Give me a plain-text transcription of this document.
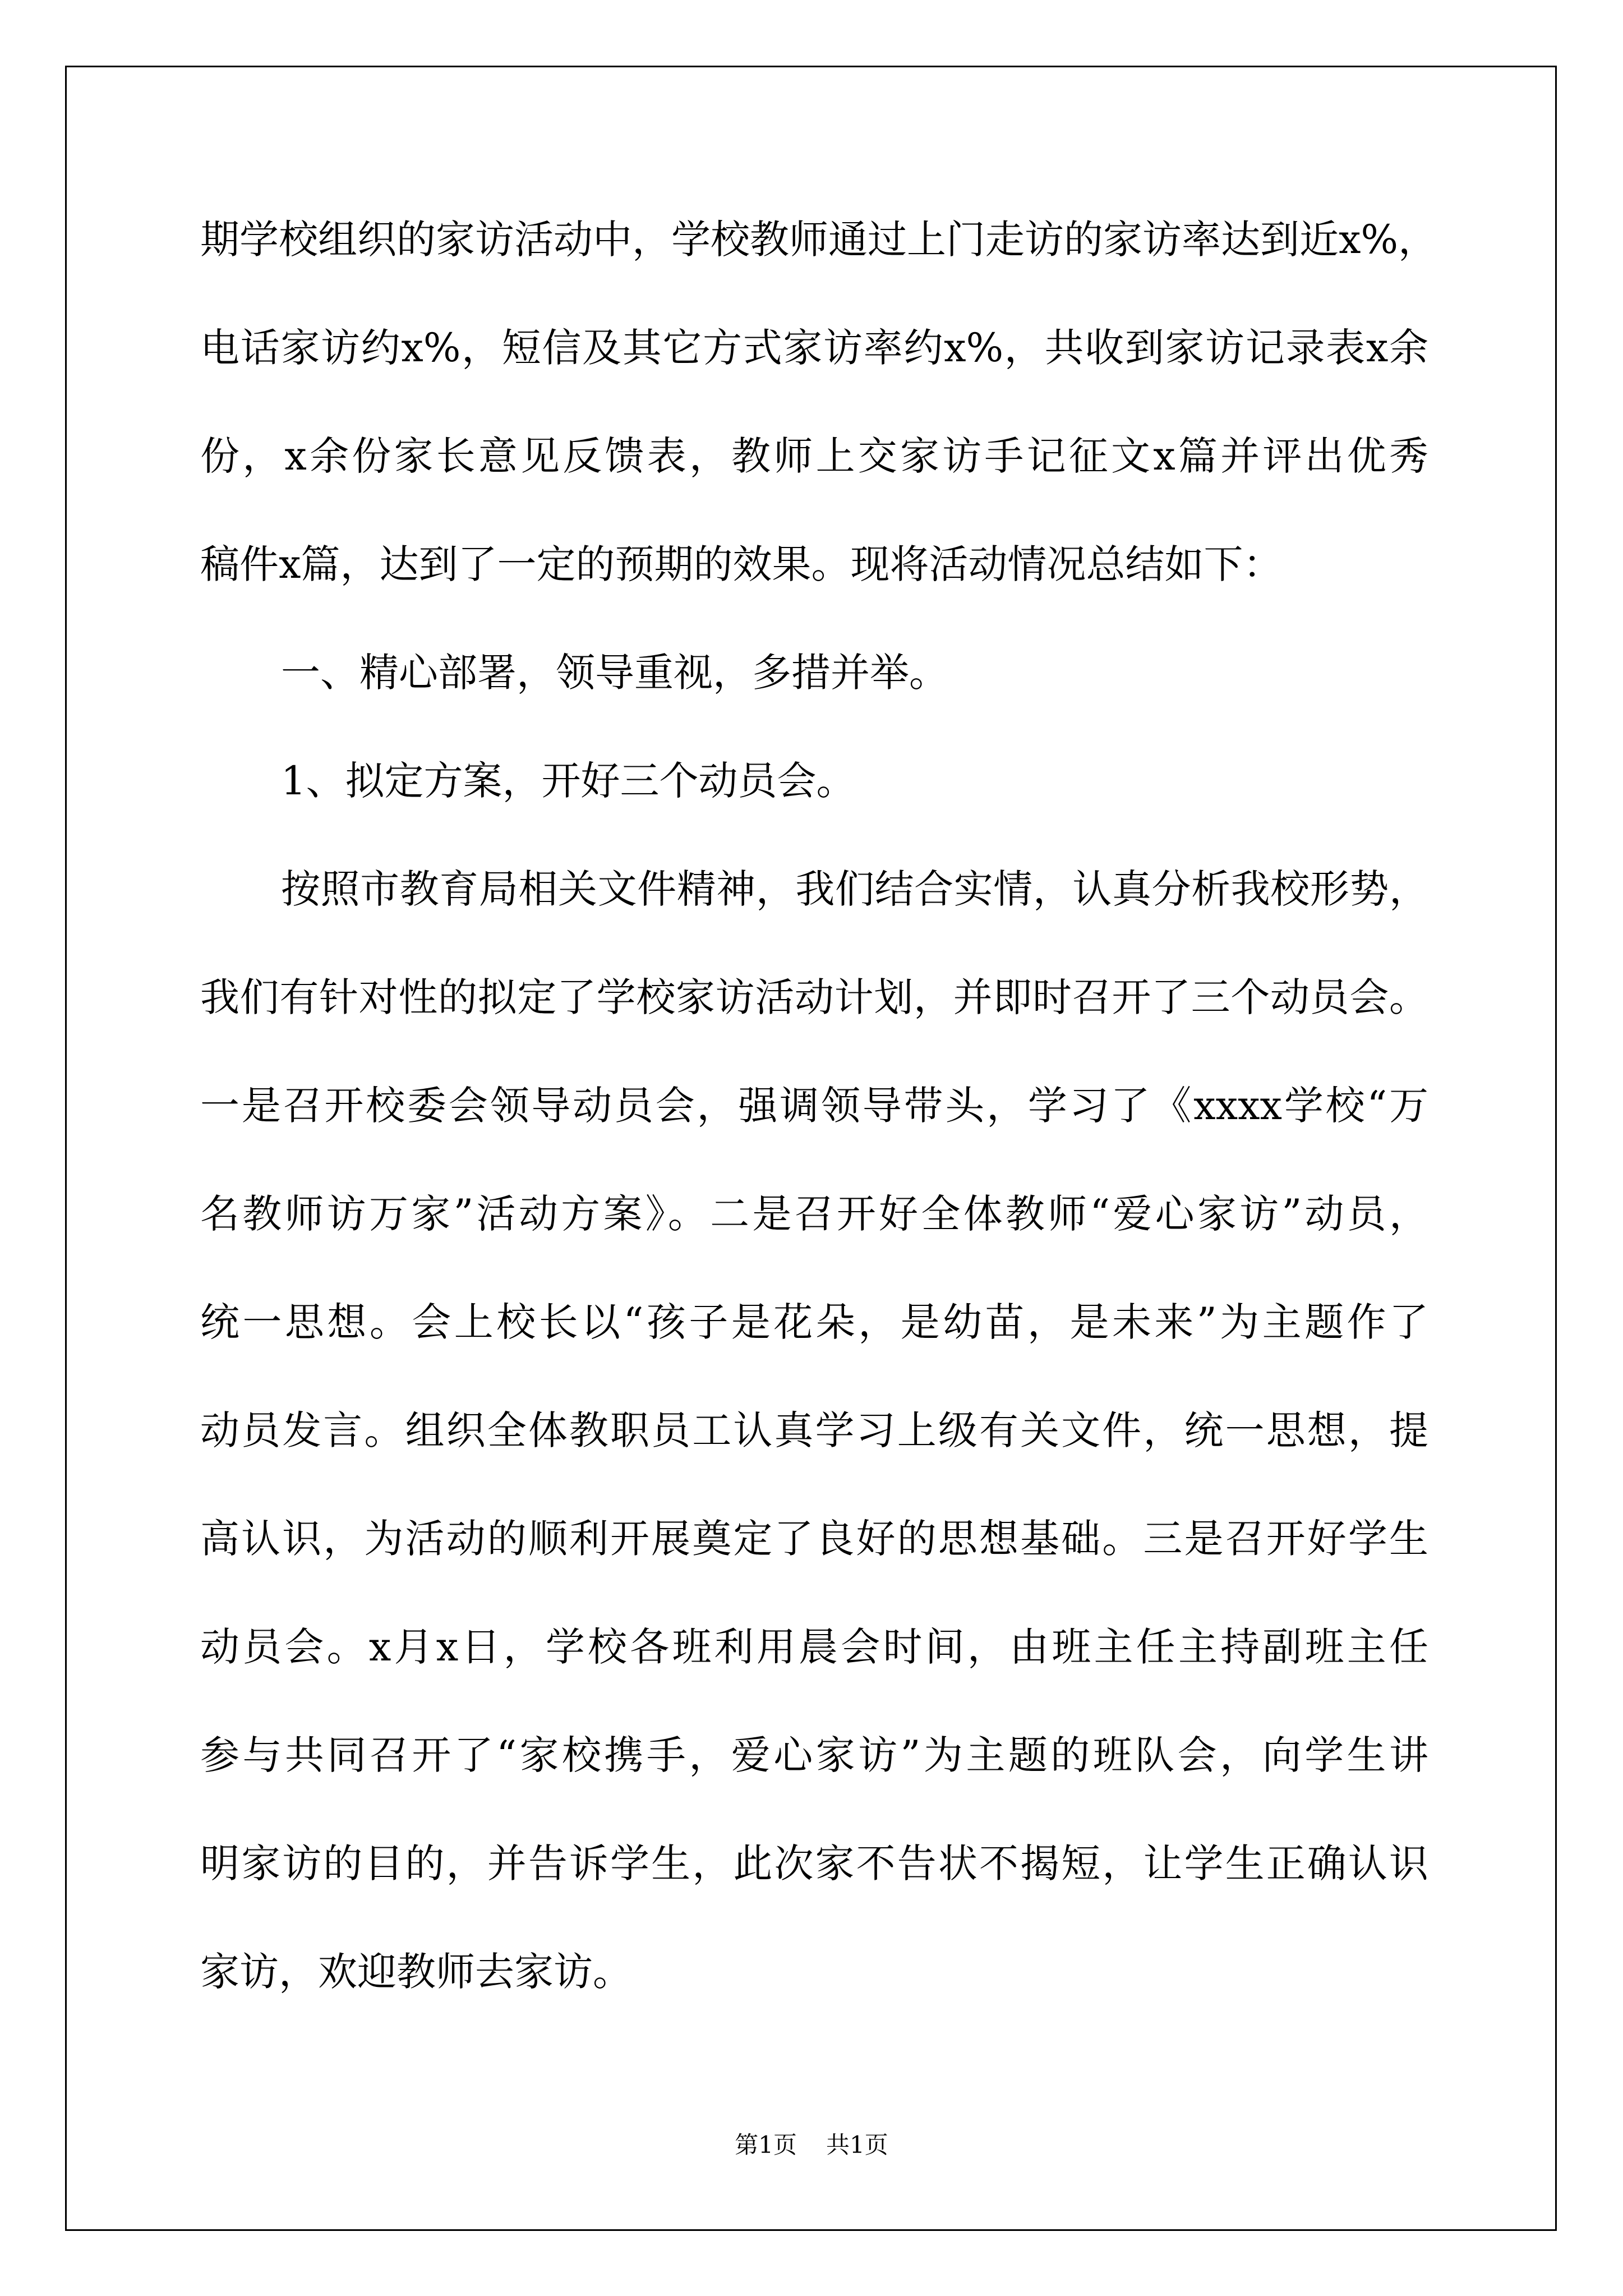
期学校组织的家访活动中，学校教师通过上门走访的家访率达到近x%，
电话家访约x%，短信及其它方式家访率约x%，共收到家访记录表x余
份，x余份家长意见反馈表，教师上交家访手记征文x篇并评出优秀
稿件x篇，达到了一定的预期的效果。现将活动情况总结如下：
一、精心部署，领导重视，多措并举。
1、拟定方案，开好三个动员会。
按照市教育局相关文件精神，我们结合实情，认真分析我校形势，
我们有针对性的拟定了学校家访活动计划，并即时召开了三个动员会。
一是召开校委会领导动员会，强调领导带头，学习了《xxxx学校“万
名教师访万家”活动方案》。二是召开好全体教师“爱心家访”动员，
统一思想。会上校长以“孩子是花朵，是幼苗，是未来”为主题作了
动员发言。组织全体教职员工认真学习上级有关文件，统一思想，提
高认识，为活动的顺利开展奠定了良好的思想基础。三是召开好学生
动员会。x月x日，学校各班利用晨会时间，由班主任主持副班主任
参与共同召开了“家校携手，爱心家访”为主题的班队会，向学生讲
明家访的目的，并告诉学生，此次家不告状不揭短，让学生正确认识
家访，欢迎教师去家访。
第1页 共1页
